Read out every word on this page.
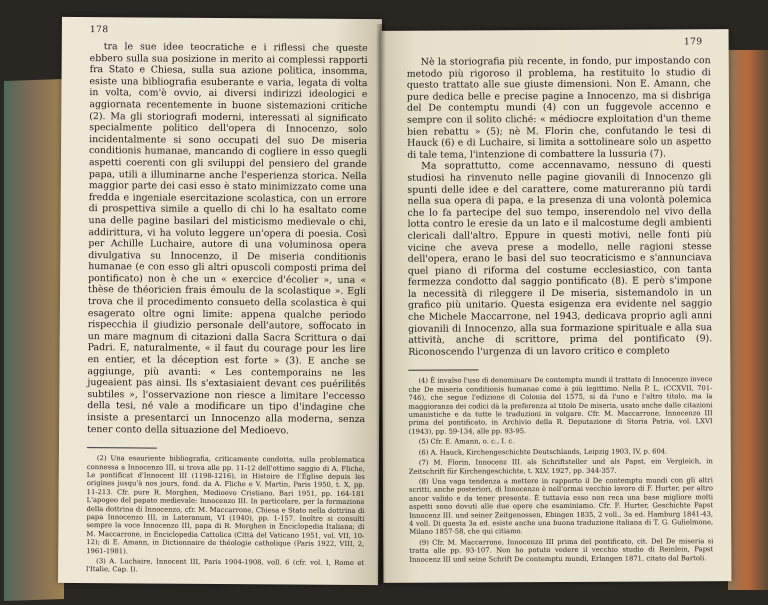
178

tra le sue idee teocratiche e i riflessi che queste ebbero sulla sua posizione in merito ai complessi rapporti fra Stato e Chiesa, sulla sua azione politica, insomma, esiste una bibliografia esuberante e varia, legata di volta in volta, com'è ovvio, ai diversi indirizzi ideologici e aggiornata recentemente in buone sistemazioni critiche (2). Ma gli storiografi moderni, interessati al significato specialmente politico dell'opera di Innocenzo, solo incidentalmente si sono occupati del suo De miseria conditionis humanae, mancando di cogliere in esso quegli aspetti coerenti con gli sviluppi del pensiero del grande papa, utili a illuminarne anche l'esperienza storica. Nella maggior parte dei casi esso è stato minimizzato come una fredda e ingeniale esercitazione scolastica, con un errore di prospettiva simile a quello di chi lo ha esaltato come una delle pagine basilari del misticismo medievale o chi, addirittura, vi ha voluto leggere un'opera di poesia. Così per Achille Luchaire, autore di una voluminosa opera divulgativa su Innocenzo, il De miseria conditionis humanae (e con esso gli altri opuscoli composti prima del pontificato) non è che un « exercice d'écolier », una « thèse de théoricien frais émoulu de la scolastique ». Egli trova che il procedimento consueto della scolastica è qui esagerato oltre ogni limite: appena qualche periodo rispecchia il giudizio personale dell'autore, soffocato in un mare magnum di citazioni dalla Sacra Scrittura o dai Padri. E, naturalmente, « il faut du courage pour les lire en entier, et la déception est forte » (3). E anche se aggiunge, più avanti: « Les contemporains ne les jugeaient pas ainsi. Ils s'extasiaient devant ces puérilités subtiles », l'osservazione non riesce a limitare l'eccesso della tesi, né vale a modificare un tipo d'indagine che insiste a presentarci un Innocenzo alla moderna, senza tener conto della situazione del Medioevo.

(2) Una esauriente bibliografia, criticamente condotta, sulla problematica connessa a Innocenzo III, si trova alle pp. 11-12 dell'ottimo saggio di A. Fliche, Le pontificat d'Innocent III (1198-1216), in Histoire de l'Église depuis les origines jusqu'à nos jours, fond. da A. Fliche e V. Martin, Paris 1950, t. X, pp. 11-213. Cfr. pure R. Morghen, Medioevo Cristiano, Bari 1951, pp. 164-181 L'apogeo del papato medievale: Innocenzo III. In particolare, per la formazione della dottrina di Innocenzo, cfr. M. Maccarrone, Chiesa e Stato nella dottrina di papa Innocenzo III, in Lateranum, VI (1940), pp. 1-157. Inoltre si consulti sempre la voce Innocenzo III, papa di R. Morghen in Enciclopedia Italiana; di M. Maccarrone, in Enciclopedia Cattolica (Città del Vaticano 1951, vol. VII, 10-12); di E. Amann, in Dictionnaire de théologie catholique (Paris 1922, VIII, 2, 1961-1981).

(3) A. Luchaire, Innocent III, Paris 1904-1908, voll. 6 (cfr. vol. I, Rome et l'Italie, Cap. I).

179

Nè la storiografia più recente, in fondo, pur impostando con metodo più rigoroso il problema, ha restituito lo studio di questo trattato alle sue giuste dimensioni. Non E. Amann, che pure dedica belle e precise pagine a Innocenzo, ma si disbriga del De contemptu mundi (4) con un fuggevole accenno e sempre con il solito cliché: « médiocre exploitation d'un theme bien rebattu » (5); nè M. Florin che, confutando le tesi di Hauck (6) e di Luchaire, si limita a sottolineare solo un aspetto di tale tema, l'intenzione di combattere la lussuria (7).

Ma soprattutto, come accennavamo, nessuno di questi studiosi ha rinvenuto nelle pagine giovanili di Innocenzo gli spunti delle idee e del carattere, come matureranno più tardi nella sua opera di papa, e la presenza di una volontà polemica che lo fa partecipe del suo tempo, inserendolo nel vivo della lotta contro le eresie da un lato e il malcostume degli ambienti clericali dall'altro. Eppure in questi motivi, nelle fonti più vicine che aveva prese a modello, nelle ragioni stesse dell'opera, erano le basi del suo teocraticismo e s'annunciava quel piano di riforma del costume ecclesiastico, con tanta fermezza condotto dal saggio pontificato (8). E però s'impone la necessità di rileggere il De miseria, sistemandolo in un grafico più unitario. Questa esigenza era evidente nel saggio che Michele Maccarrone, nel 1943, dedicava proprio agli anni giovanili di Innocenzo, alla sua formazione spirituale e alla sua attività, anche di scrittore, prima del pontificato (9). Riconoscendo l'urgenza di un lavoro critico e completo

(4) È invalso l'uso di denominare De contemptu mundi il trattato di Innocenzo invece che De miseria conditionis humanae come è più legittimo. Nella P. L. (CCXVII, 701-746), che segue l'edizione di Colonia del 1575, si dà l'uno e l'altro titolo, ma la maggioranza dei codici dà la preferenza al titolo De miseria, usato anche dalle citazioni umanistiche e da tutte le traduzioni in volgare. Cfr. M. Maccarrone, Innocenzo III prima del pontificato, in Archivio della R. Deputazione di Storia Patria, vol. LXVI (1943), pp. 59-134, alle pp. 93-95.

(5) Cfr. E. Amann, o. c., I. c.

(6) A. Hauck, Kirchengeschichte Deutschlands, Leipzig 1903, IV, p. 604.

(7) M. Florin, Innocenz III. als Schriftsteller und als Papst, ein Vergleich, in Zeitschrift für Kirchengeschichte, t. XLV, 1927, pp. 344-357.

(8) Una vaga tendenza a mettere in rapporto il De contemptu mundi con gli altri scritti, anche posteriori, di Innocenzo è nell'ormai vecchio lavoro di F. Hurter, per altro ancor valido e da tener presente. È tuttavia esso non reca una base migliore molti aspetti sono dovuti alle due opere che esaminiamo. Cfr. F. Hurter, Geschichte Papst Innocenz III. und seiner Zeitgenossen, Ebingen 1835, 2 voll., 3a ed. Hamburg 1841-43, 4 voll. Di questa 3a ed. esiste anche una buona traduzione italiana di T. G. Gulielmone, Milano 1857-58, che qui citiamo.

(9) Cfr. M. Maccarrone, Innocenzo III prima del pontificato, cit. Del De miseria si tratta alle pp. 93-107. Non ho potuto vedere il vecchio studio di Reinlein, Papst Innocenz III und seine Schrift De contemptu mundi, Erlangen 1871, citato dal Bartoli.
